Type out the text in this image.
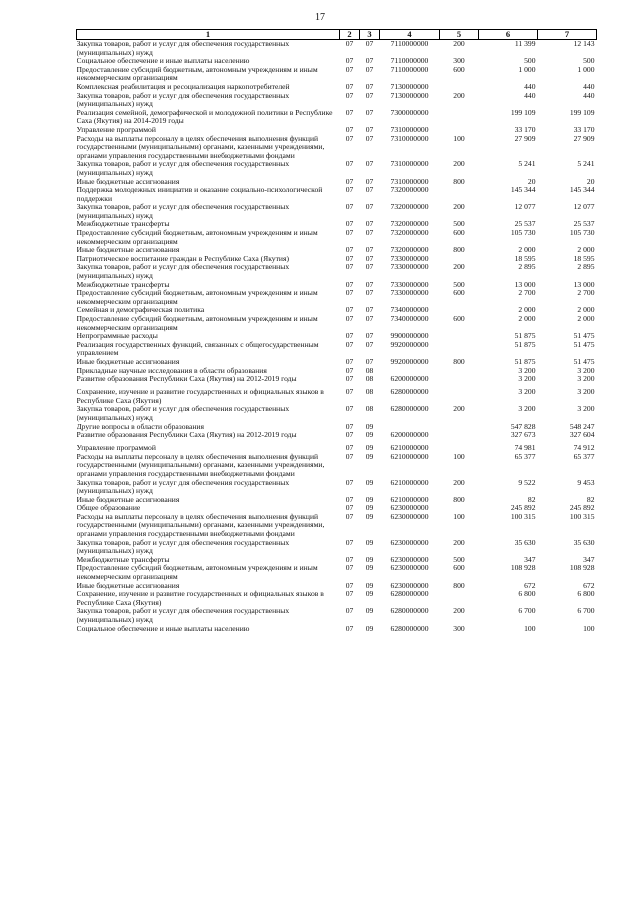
17
1	2	3	4	5	6	7
Закупка товаров, работ и услуг для обеспечения государственных (муниципальных) нужд	07	07	7110000000	200	11 399	12 143
Социальное обеспечение и иные выплаты населению	07	07	7110000000	300	500	500
Предоставление субсидий бюджетным, автономным учреждениям и иным некоммерческим организациям	07	07	7110000000	600	1 000	1 000
Комплексная реабилитация и ресоциализация наркопотребителей	07	07	7130000000		440	440
Закупка товаров, работ и услуг для обеспечения государственных (муниципальных) нужд	07	07	7130000000	200	440	440
Реализация семейной, демографической и молодежной политики в Республике Саха (Якутия) на 2014-2019 годы	07	07	7300000000		199 109	199 109
Управление программой	07	07	7310000000		33 170	33 170
Расходы на выплаты персоналу в целях обеспечения выполнения функций государственными (муниципальными) органами, казенными учреждениями, органами управления государственными внебюджетными фондами	07	07	7310000000	100	27 909	27 909
Закупка товаров, работ и услуг для обеспечения государственных (муниципальных) нужд	07	07	7310000000	200	5 241	5 241
Иные бюджетные ассигнования	07	07	7310000000	800	20	20
Поддержка молодежных инициатив и оказание социально-психологической поддержки	07	07	7320000000		145 344	145 344
Закупка товаров, работ и услуг для обеспечения государственных (муниципальных) нужд	07	07	7320000000	200	12 077	12 077
Межбюджетные трансферты	07	07	7320000000	500	25 537	25 537
Предоставление субсидий бюджетным, автономным учреждениям и иным некоммерческим организациям	07	07	7320000000	600	105 730	105 730
Иные бюджетные ассигнования	07	07	7320000000	800	2 000	2 000
Патриотическое воспитание граждан в Республике Саха (Якутия)	07	07	7330000000		18 595	18 595
Закупка товаров, работ и услуг для обеспечения государственных (муниципальных) нужд	07	07	7330000000	200	2 895	2 895
Межбюджетные трансферты	07	07	7330000000	500	13 000	13 000
Предоставление субсидий бюджетным, автономным учреждениям и иным некоммерческим организациям	07	07	7330000000	600	2 700	2 700
Семейная и демографическая политика	07	07	7340000000		2 000	2 000
Предоставление субсидий бюджетным, автономным учреждениям и иным некоммерческим организациям	07	07	7340000000	600	2 000	2 000
Непрограммные расходы	07	07	9900000000		51 875	51 475
Реализация государственных функций, связанных с общегосударственным управлением	07	07	9920000000		51 875	51 475
Иные бюджетные ассигнования	07	07	9920000000	800	51 875	51 475
Прикладные научные исследования в области образования	07	08			3 200	3 200
Развитие образования Республики Саха (Якутия) на 2012-2019 годы	07	08	6200000000		3 200	3 200
Сохранение, изучение и развитие государственных и официальных языков в Республике Саха (Якутия)	07	08	6280000000		3 200	3 200
Закупка товаров, работ и услуг для обеспечения государственных (муниципальных) нужд	07	08	6280000000	200	3 200	3 200
Другие вопросы в области образования	07	09			547 828	548 247
Развитие образования Республики Саха (Якутия) на 2012-2019 годы	07	09	6200000000		327 673	327 604
Управление программой	07	09	6210000000		74 981	74 912
Расходы на выплаты персоналу в целях обеспечения выполнения функций государственными (муниципальными) органами, казенными учреждениями, органами управления государственными внебюджетными фондами	07	09	6210000000	100	65 377	65 377
Закупка товаров, работ и услуг для обеспечения государственных (муниципальных) нужд	07	09	6210000000	200	9 522	9 453
Иные бюджетные ассигнования	07	09	6210000000	800	82	82
Общее образование	07	09	6230000000		245 892	245 892
Расходы на выплаты персоналу в целях обеспечения выполнения функций государственными (муниципальными) органами, казенными учреждениями, органами управления государственными внебюджетными фондами	07	09	6230000000	100	100 315	100 315
Закупка товаров, работ и услуг для обеспечения государственных (муниципальных) нужд	07	09	6230000000	200	35 630	35 630
Межбюджетные трансферты	07	09	6230000000	500	347	347
Предоставление субсидий бюджетным, автономным учреждениям и иным некоммерческим организациям	07	09	6230000000	600	108 928	108 928
Иные бюджетные ассигнования	07	09	6230000000	800	672	672
Сохранение, изучение и развитие государственных и официальных языков в Республике Саха (Якутия)	07	09	6280000000		6 800	6 800
Закупка товаров, работ и услуг для обеспечения государственных (муниципальных) нужд	07	09	6280000000	200	6 700	6 700
Социальное обеспечение и иные выплаты населению	07	09	6280000000	300	100	100
